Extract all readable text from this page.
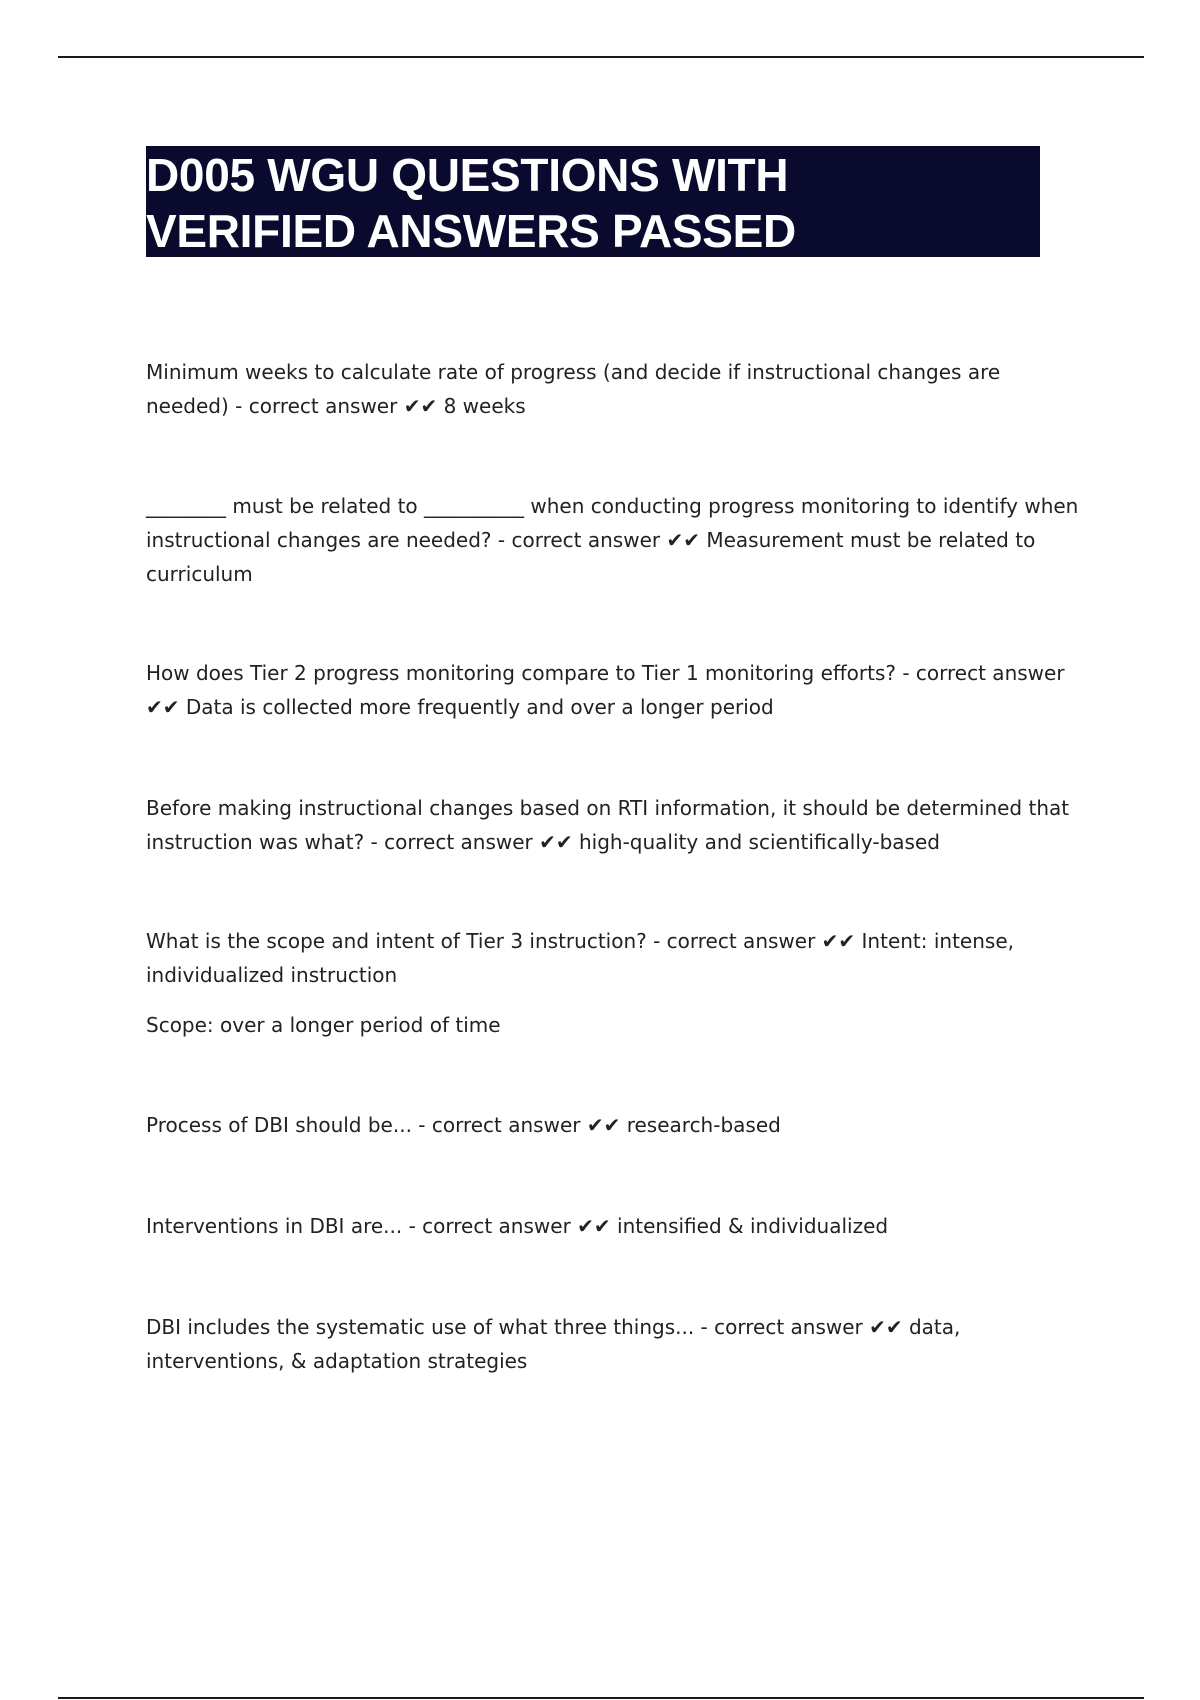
D005 WGU QUESTIONS WITH
VERIFIED ANSWERS PASSED

Minimum weeks to calculate rate of progress (and decide if instructional changes are needed) - correct answer ✔✔ 8 weeks

________ must be related to __________ when conducting progress monitoring to identify when instructional changes are needed? - correct answer ✔✔ Measurement must be related to curriculum

How does Tier 2 progress monitoring compare to Tier 1 monitoring efforts? - correct answer ✔✔ Data is collected more frequently and over a longer period

Before making instructional changes based on RTI information, it should be determined that instruction was what? - correct answer ✔✔ high-quality and scientifically-based

What is the scope and intent of Tier 3 instruction? - correct answer ✔✔ Intent: intense, individualized instruction

Scope: over a longer period of time

Process of DBI should be... - correct answer ✔✔ research-based

Interventions in DBI are... - correct answer ✔✔ intensified & individualized

DBI includes the systematic use of what three things... - correct answer ✔✔ data, interventions, & adaptation strategies
